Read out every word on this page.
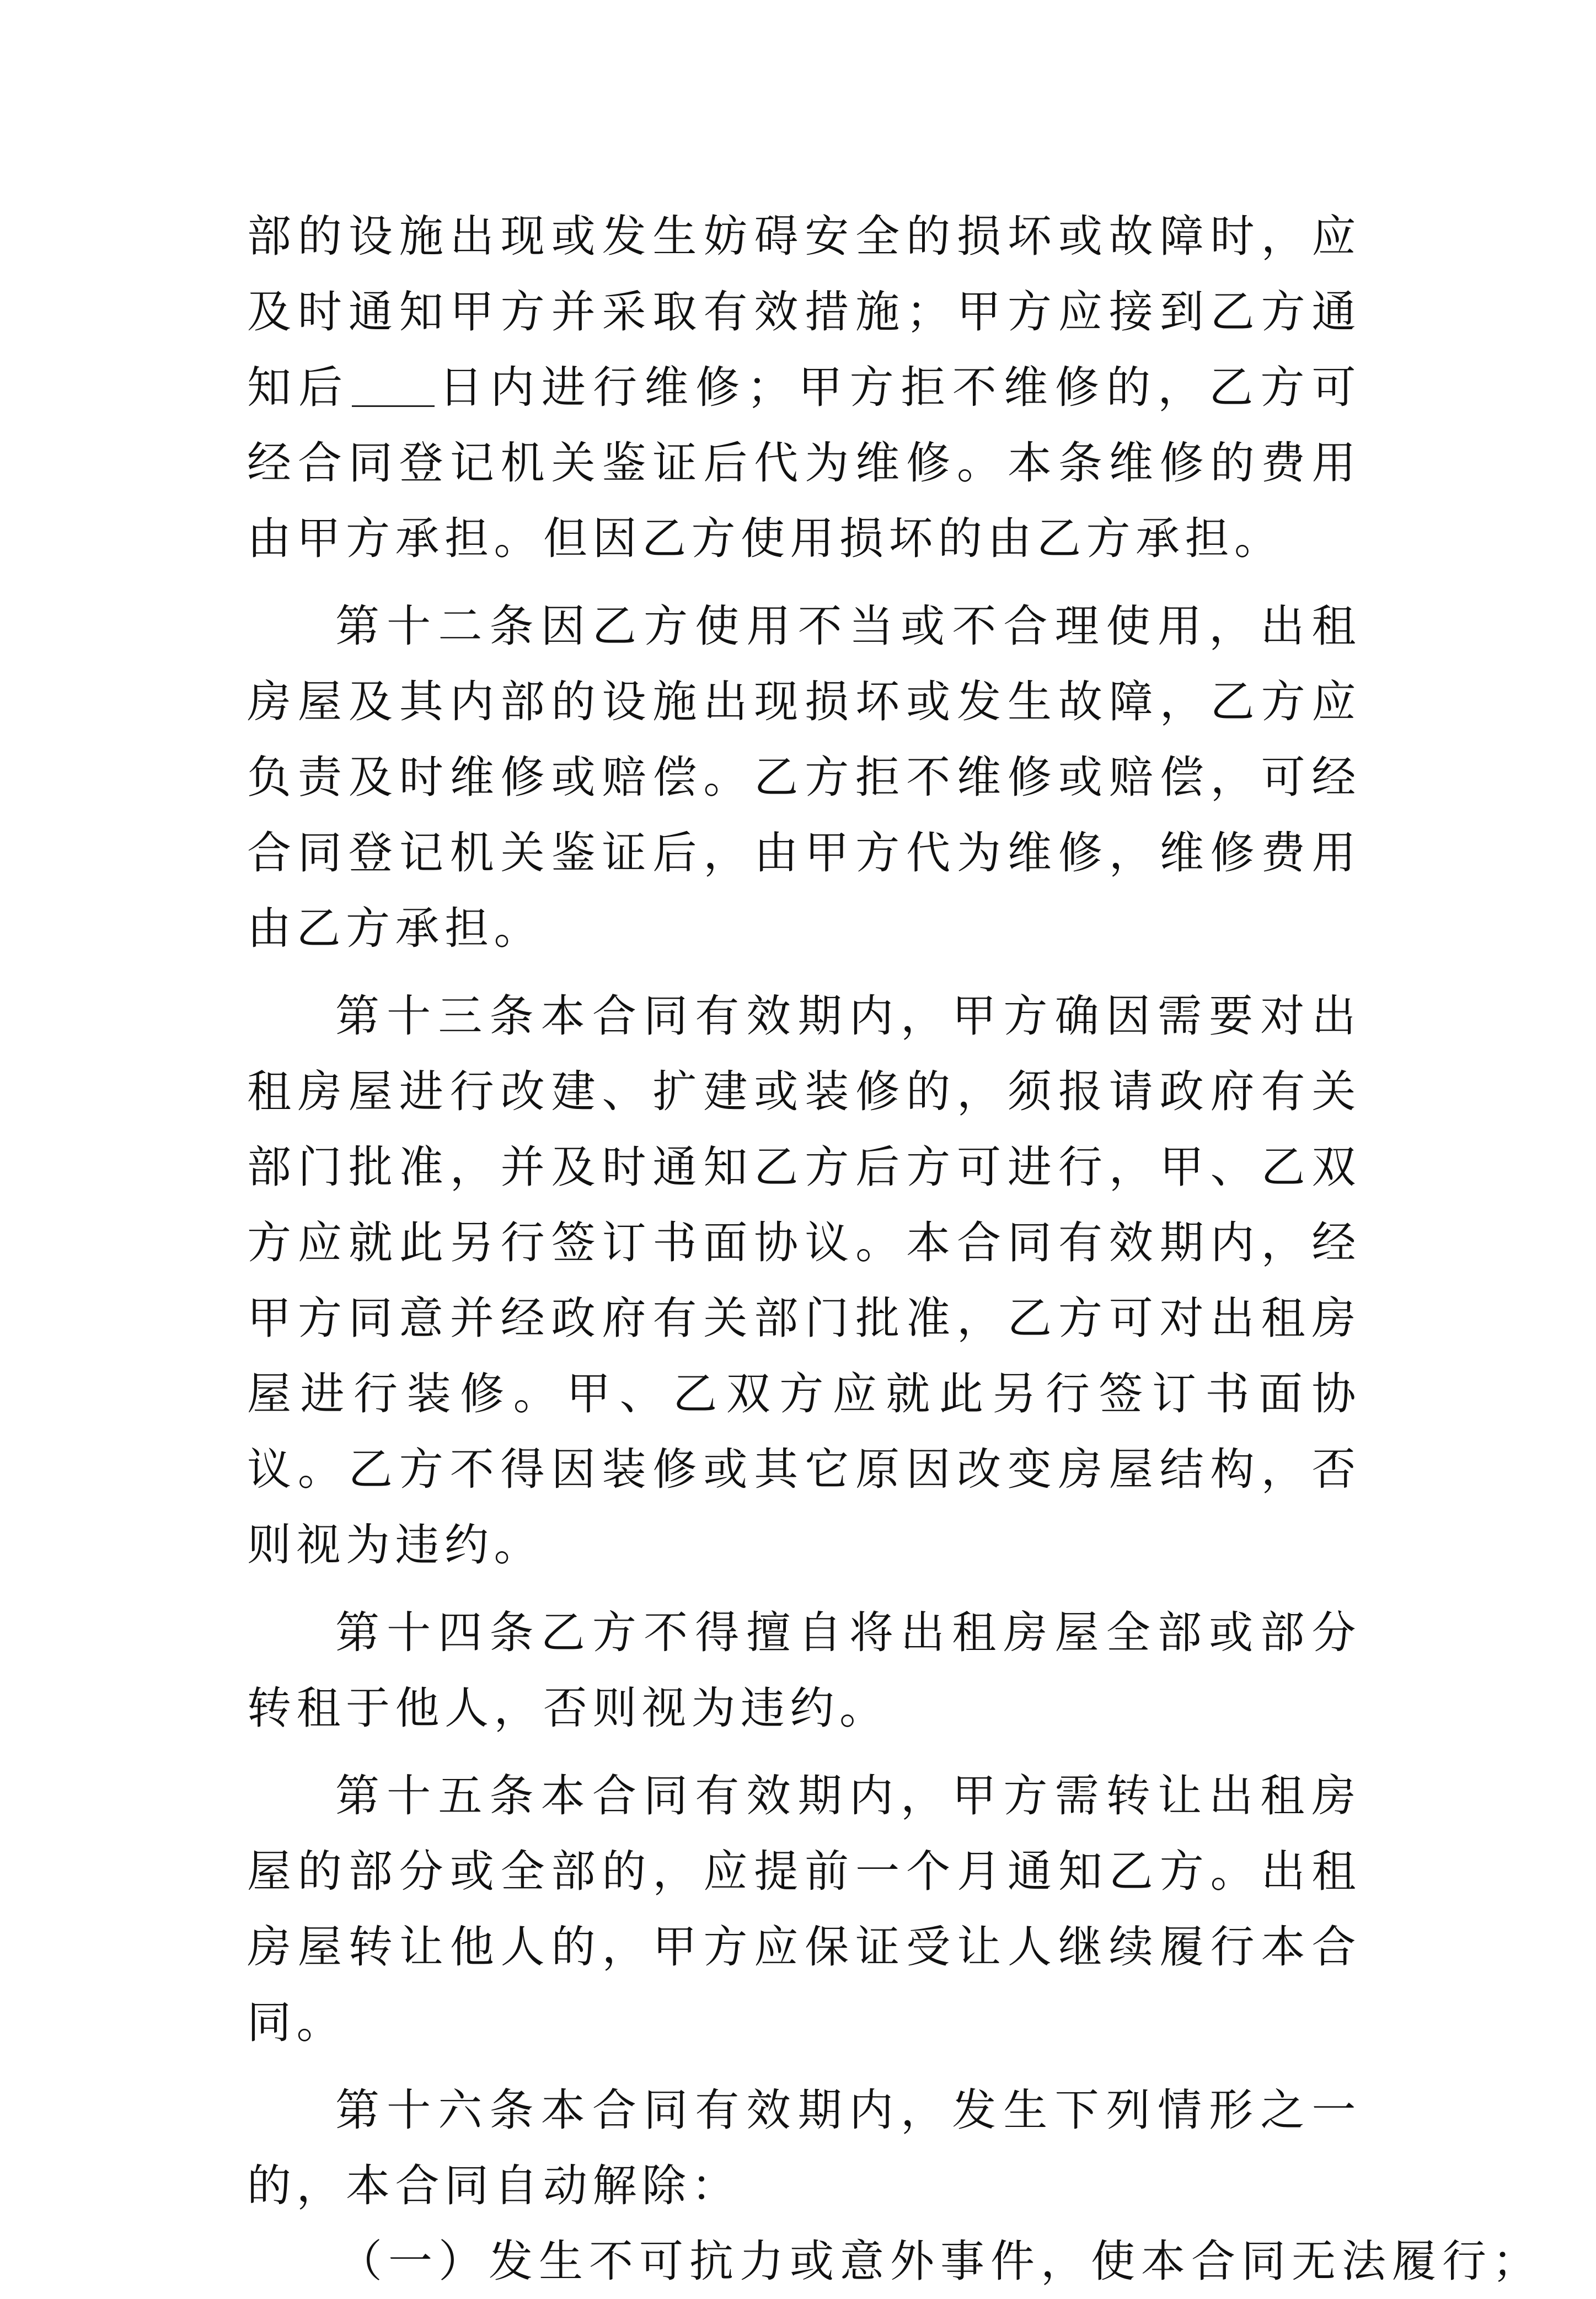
部的设施出现或发生妨碍安全的损坏或故障时，应及时通知甲方并采取有效措施；甲方应接到乙方通知后 日内进行维修；甲方拒不维修的，乙方可经合同登记机关鉴证后代为维修。本条维修的费用由甲方承担。但因乙方使用损坏的由乙方承担。

第十二条因乙方使用不当或不合理使用，出租房屋及其内部的设施出现损坏或发生故障，乙方应负责及时维修或赔偿。乙方拒不维修或赔偿，可经合同登记机关鉴证后，由甲方代为维修，维修费用由乙方承担。

第十三条本合同有效期内，甲方确因需要对出租房屋进行改建、扩建或装修的，须报请政府有关部门批准，并及时通知乙方后方可进行，甲、乙双方应就此另行签订书面协议。本合同有效期内，经甲方同意并经政府有关部门批准，乙方可对出租房屋进行装修。甲、乙双方应就此另行签订书面协议。乙方不得因装修或其它原因改变房屋结构，否则视为违约。

第十四条乙方不得擅自将出租房屋全部或部分转租于他人，否则视为违约。

第十五条本合同有效期内，甲方需转让出租房屋的部分或全部的，应提前一个月通知乙方。出租房屋转让他人的，甲方应保证受让人继续履行本合同。

第十六条本合同有效期内，发生下列情形之一的，本合同自动解除：

（一）发生不可抗力或意外事件，使本合同无法履行；
